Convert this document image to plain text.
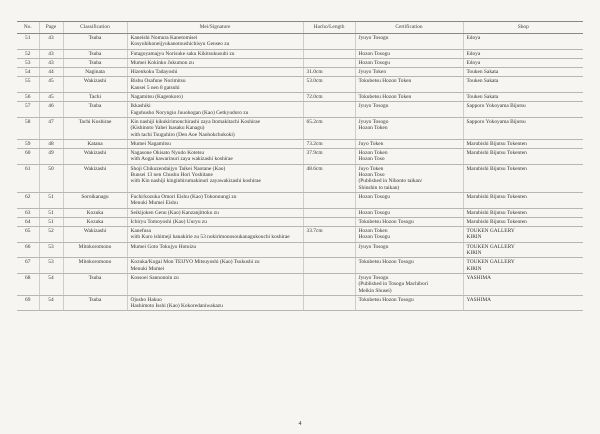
No.	Page	Classification	Mei/Signature	Hacho/Length	Certification	Shop
51	43	Tsuba	Kaneishi Nomura Kanetomisei
Kosyuhikoneijyukanotoushichisyu Genseo zu		Jyuyo Tosogu	Edoya

52	43	Tsuba	Futagoyamajyu Norisuke saku Kikitsukusubi zu		Hozon Tosogu	Edoya

53	43	Tsuba	Mumei Kokinko Jukumon zu		Hozon Tosogu	Edoya

54	44	Naginata	Hizenkoku Tadayoshi	31.0cm	Jyuyo Token	Touken Sakata

55	45	Wakizashi	Bishu Osafune Norimitsu
Kansei 5 nen 8 gatsuhi	53.0cm	Tokubetsu Hozon Token	Touken Sakata

56	45	Tachi	Nagamitsu (Kagenkoro)	72.0cm	Tokubetsu Hozon Token	Touken Sakata

57	46	Tsuba	Ikkashiki
Fagohusho Noryngio Juuohogan (Kao) Getkyudoro zu		Jyuyo Tosogu	Sapporo Yokoyama Bijutsu

58	47	Tachi Koshirae	Kin nashiji kikukirimonchirashi zaya Itomakitachi Koshirae
(Kishinoto Yahei Isasaku Kanagu)
with tachi Tsuguhiro (Den Aoe Naohokchokoki)	65.2cm	Jyuyo Tosogo
Hozon Token	Sapporo Yokoyama Bijutsu

59	48	Katana	Mumei Nagamitsu	73.2cm	Juyo Token	Marubishi Bijutsu Tokenten

60	49	Wakizashi	Nagasone Okisato Nyudo Kotetsu
with Aogai kawarinuri zaya wakizashi koshirae	37.9cm	Hozon Token
Hozon Toso	Marubishi Bijutsu Tokenten

61	50	Wakizashi	Shoji Chikuzendaijyo Taikei Naotane (Kao)
Bunsei 13 nen Chushu Hori Yoshitane
with Kin nashiji kinginbirumakinuri zayawakizashi koshirae	48.6cm	Juyo Token
Hozon Toso
(Published in Nihonto taikan/
Shinshin to taikan)	Marubishi Bijutsu Tokenten

62	51	Soroikanagu	Fuchi/kozuka Omori Eishu (Kao) Tokonnungi zu
Menuki Mumei Eishu		Hozon Tosogu	Marubishi Bijutsu Tokenten

63	51	Kozuka	Seikijoken Genu (Kao) Kanzanjittoku zu		Hozon Tosogu	Marubishi Bijutsu Tokenten

64	51	Kozuka	Ichiryu Tomoyoshi (Kao) Uuryu zu		Tokubetsu Hozon Tosogu	Marubishi Bijutsu Tokenten

65	52	Wakizashi	Kanefusa
with Kuro ishimeji hanakirie zu 53 nokirimonosoukanagukouchi koshirae	33.7cm	Hozon Token
Hozon Tosogu	TOUKEN GALLERY
KIRIN

66	53	Mitokoromono	Mumei Goto Tokujyo Hotoizu		Jyuyo Tosogu	TOUKEN GALLERY
KIRIN

67	53	Mitokoromono	Kozuka/Kogai Mon TEIJYO Mitsuyoshi (Kao) Tsukushi zu
Menuki Mumei		Tokubetsu Hozon Tosogu	TOUKEN GALLERY
KIRIN

68	54	Tsuba	Kossoei Sannonnin zu		Jyuyo Tosogu
(Published in Tosogu Machibori
Meikin Shusei)	YASHIMA

69	54	Tsuba	Ojusho Hakuo
Hashimoto Isshi (Kao) Kokoredaniwakazu		Tokubetsu Hozon Tosogu	YASHIMA
4
